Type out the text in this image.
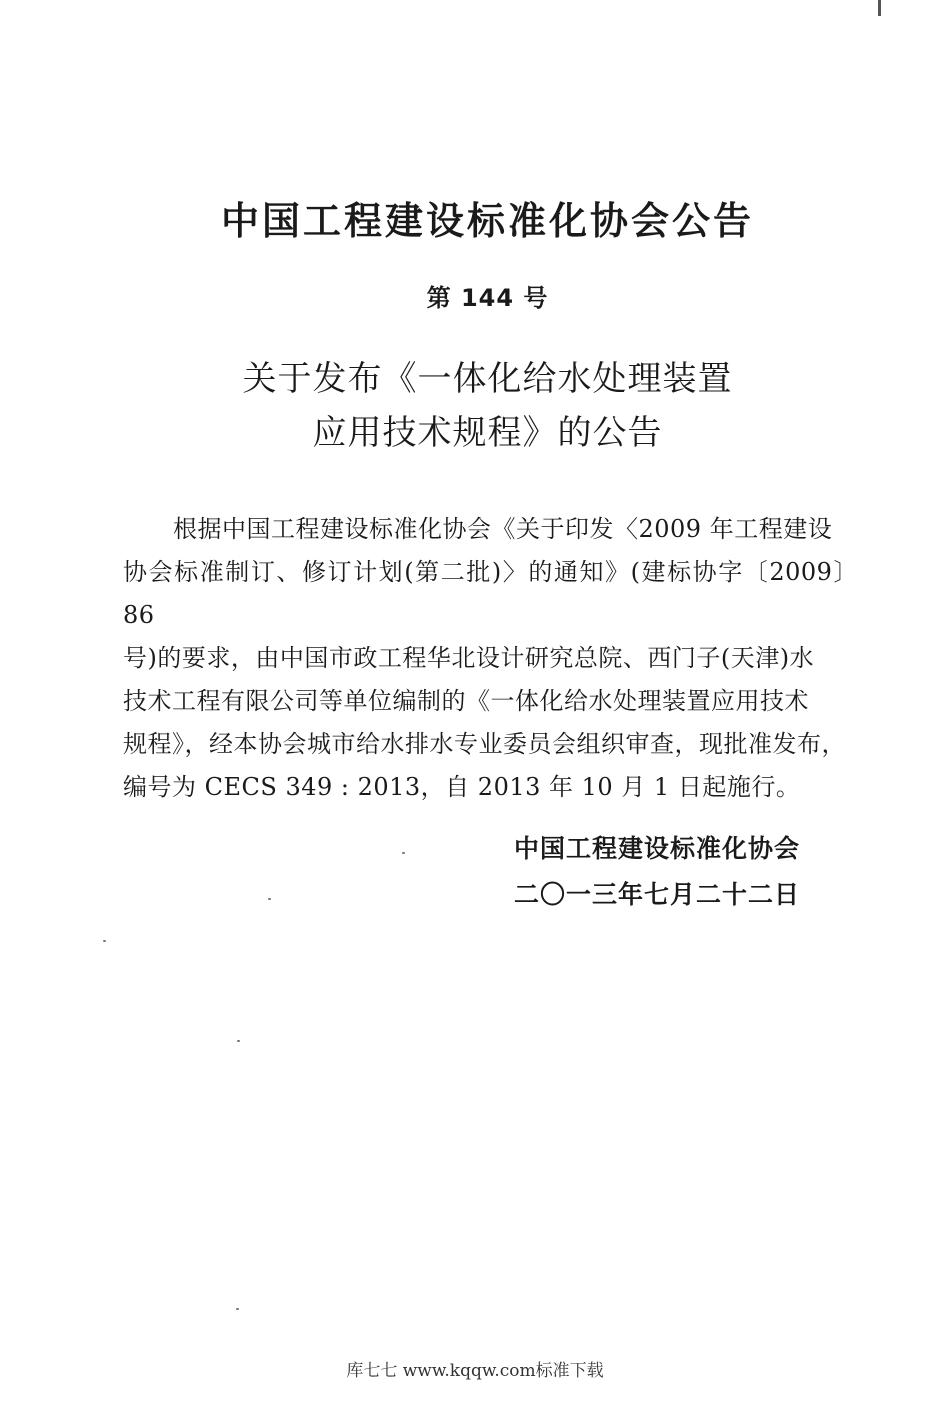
中国工程建设标准化协会公告
第 144 号
关于发布《一体化给水处理装置
应用技术规程》的公告
根据中国工程建设标准化协会《关于印发〈2009 年工程建设
协会标准制订、修订计划(第二批)〉的通知》(建标协字〔2009〕86
号)的要求，由中国市政工程华北设计研究总院、西门子(天津)水
技术工程有限公司等单位编制的《一体化给水处理装置应用技术
规程》，经本协会城市给水排水专业委员会组织审查，现批准发布，
编号为 CECS 349 : 2013，自 2013 年 10 月 1 日起施行。
中国工程建设标准化协会
二〇一三年七月二十二日
库七七 www.kqqw.com标准下载
